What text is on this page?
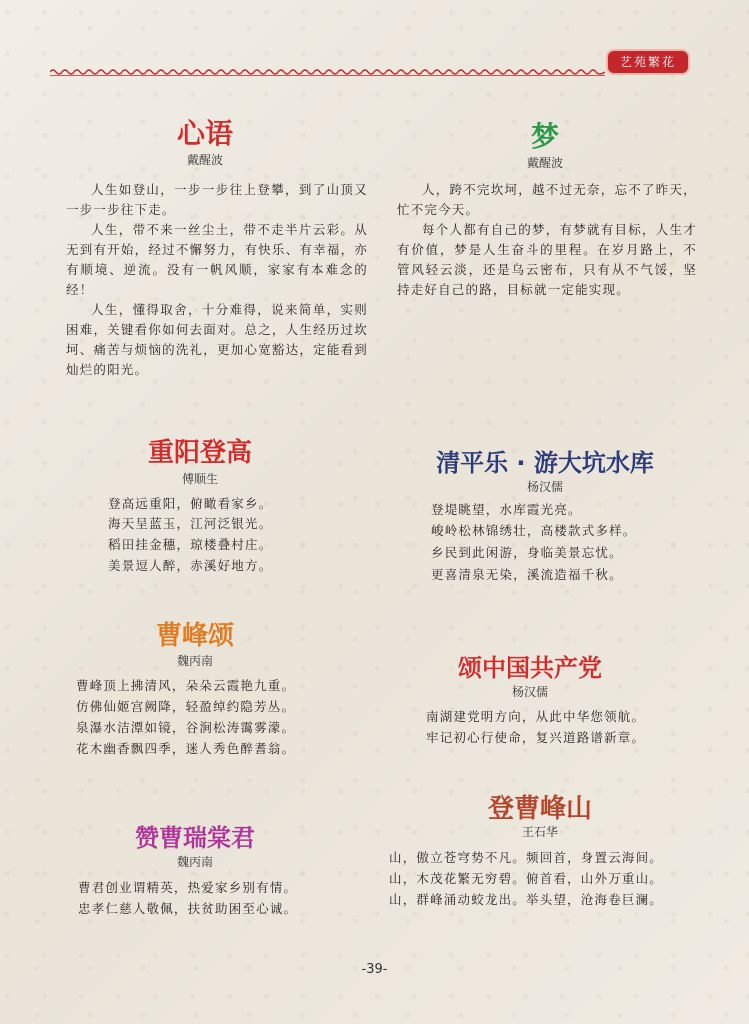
艺苑繁花
心语
戴醒波

人生如登山，一步一步往上登攀，到了山顶又一步一步往下走。

人生，带不来一丝尘土，带不走半片云彩。从无到有开始，经过不懈努力，有快乐、有幸福，亦有顺境、逆流。没有一帆风顺，家家有本难念的经！

人生，懂得取舍，十分难得，说来简单，实则困难，关键看你如何去面对。总之，人生经历过坎坷、痛苦与烦恼的洗礼，更加心宽豁达，定能看到灿烂的阳光。

梦
戴醒波

人，跨不完坎坷，越不过无奈，忘不了昨天，忙不完今天。

每个人都有自己的梦，有梦就有目标，人生才有价值，梦是人生奋斗的里程。在岁月路上，不管风轻云淡，还是乌云密布，只有从不气馁，坚持走好自己的路，目标就一定能实现。

重阳登高
傅顺生

登高远重阳，俯瞰看家乡。

海天呈蓝玉，江河泛银光。

稻田挂金穗，琼楼叠村庄。

美景逗人醉，赤溪好地方。

清平乐 · 游大坑水库
杨汉儒

登堤眺望，水库霞光亮。

峻岭松林锦绣壮，高楼款式多样。

乡民到此闲游，身临美景忘忧。

更喜清泉无染，溪流造福千秋。

曹峰颂
魏丙南

曹峰顶上拂清风，朵朵云霞艳九重。

仿佛仙姬宫阙降，轻盈绰约隐芳丛。

泉瀑水洁潭如镜，谷涧松涛霭雾濛。

花木幽香飘四季，迷人秀色醉耆翁。

颂中国共产党
杨汉儒

南湖建党明方向，从此中华您领航。

牢记初心行使命，复兴道路谱新章。

登曹峰山
王石华

山，傲立苍穹势不凡。频回首，身置云海间。

山，木茂花繁无穷碧。俯首看，山外万重山。

山，群峰涌动蛟龙出。举头望，沧海卷巨澜。

赞曹瑞棠君
魏丙南

曹君创业谓精英，热爱家乡别有情。

忠孝仁慈人敬佩，扶贫助困至心诚。

-39-
